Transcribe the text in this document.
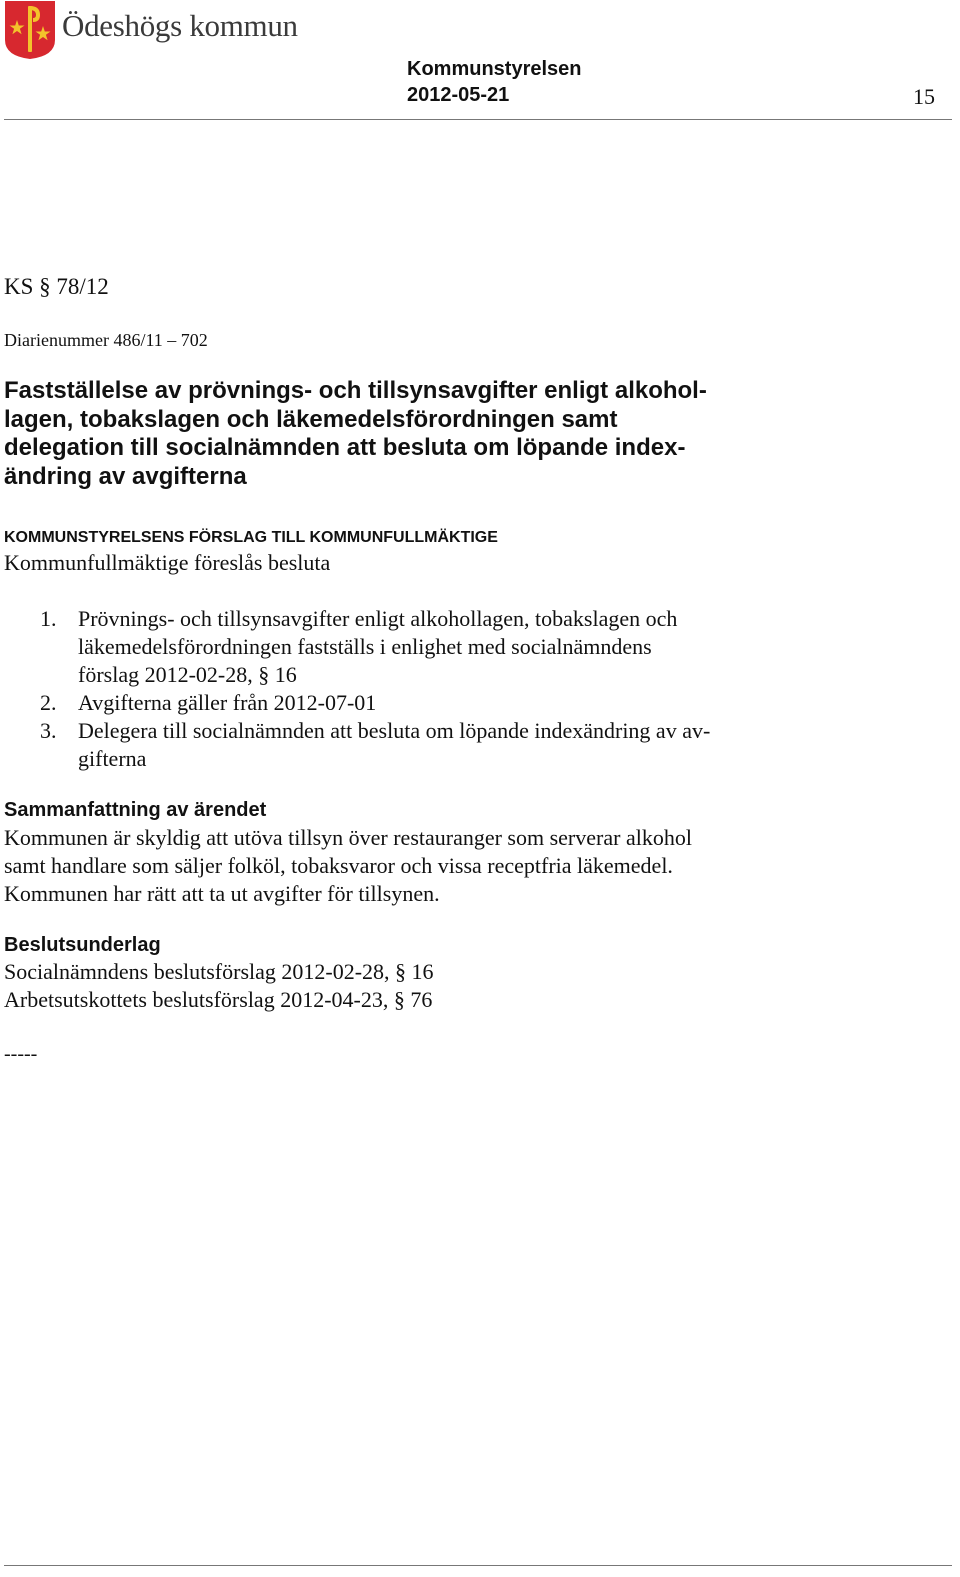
Ödeshögs kommun
Kommunstyrelsen
2012-05-21	15
KS § 78/12
Diarienummer 486/11 – 702
Fastställelse av prövnings- och tillsynsavgifter enligt alkohol-
lagen, tobakslagen och läkemedelsförordningen samt
delegation till socialnämnden att besluta om löpande index-
ändring av avgifterna
KOMMUNSTYRELSENS FÖRSLAG TILL KOMMUNFULLMÄKTIGE
Kommunfullmäktige föreslås besluta
1. Prövnings- och tillsynsavgifter enligt alkohollagen, tobakslagen och
läkemedelsförordningen fastställs i enlighet med socialnämndens
förslag 2012-02-28, § 16
2. Avgifterna gäller från 2012-07-01
3. Delegera till socialnämnden att besluta om löpande indexändring av av-
gifterna
Sammanfattning av ärendet
Kommunen är skyldig att utöva tillsyn över restauranger som serverar alkohol
samt handlare som säljer folköl, tobaksvaror och vissa receptfria läkemedel.
Kommunen har rätt att ta ut avgifter för tillsynen.
Beslutsunderlag
Socialnämndens beslutsförslag 2012-02-28, § 16
Arbetsutskottets beslutsförslag 2012-04-23, § 76
-----
